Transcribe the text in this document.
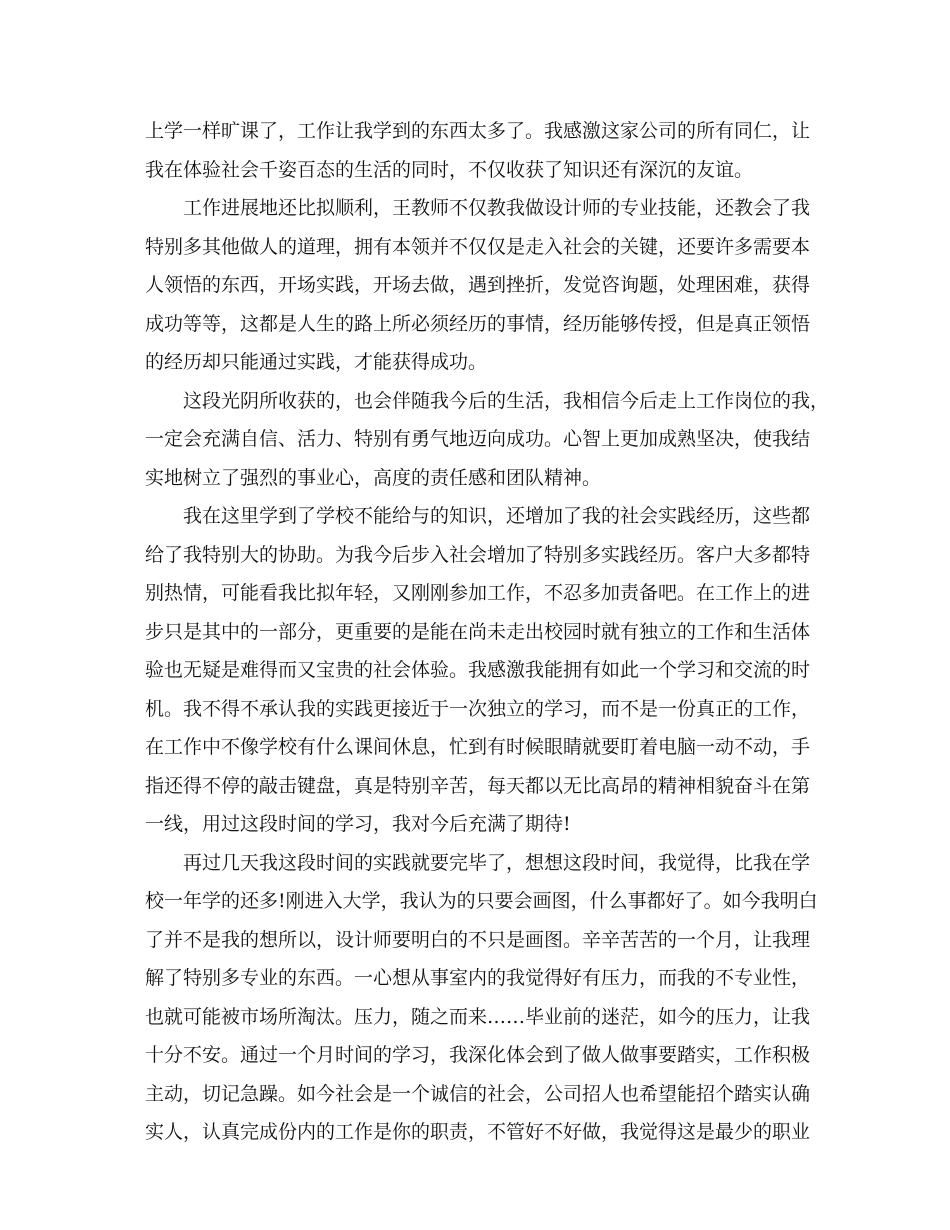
上学一样旷课了，工作让我学到的东西太多了。我感激这家公司的所有同仁，让
我在体验社会千姿百态的生活的同时，不仅收获了知识还有深沉的友谊。
工作进展地还比拟顺利，王教师不仅教我做设计师的专业技能，还教会了我
特别多其他做人的道理，拥有本领并不仅仅是走入社会的关键，还要许多需要本
人领悟的东西，开场实践，开场去做，遇到挫折，发觉咨询题，处理困难，获得
成功等等，这都是人生的路上所必须经历的事情，经历能够传授，但是真正领悟
的经历却只能通过实践，才能获得成功。
这段光阴所收获的，也会伴随我今后的生活，我相信今后走上工作岗位的我，
一定会充满自信、活力、特别有勇气地迈向成功。心智上更加成熟坚决，使我结
实地树立了强烈的事业心，高度的责任感和团队精神。
我在这里学到了学校不能给与的知识，还增加了我的社会实践经历，这些都
给了我特别大的协助。为我今后步入社会增加了特别多实践经历。客户大多都特
别热情，可能看我比拟年轻，又刚刚参加工作，不忍多加责备吧。在工作上的进
步只是其中的一部分，更重要的是能在尚未走出校园时就有独立的工作和生活体
验也无疑是难得而又宝贵的社会体验。我感激我能拥有如此一个学习和交流的时
机。我不得不承认我的实践更接近于一次独立的学习，而不是一份真正的工作，
在工作中不像学校有什么课间休息，忙到有时候眼睛就要盯着电脑一动不动，手
指还得不停的敲击键盘，真是特别辛苦，每天都以无比高昂的精神相貌奋斗在第
一线，用过这段时间的学习，我对今后充满了期待!
再过几天我这段时间的实践就要完毕了，想想这段时间，我觉得，比我在学
校一年学的还多!刚进入大学，我认为的只要会画图，什么事都好了。如今我明白
了并不是我的想所以，设计师要明白的不只是画图。辛辛苦苦的一个月，让我理
解了特别多专业的东西。一心想从事室内的我觉得好有压力，而我的不专业性，
也就可能被市场所淘汰。压力，随之而来……毕业前的迷茫，如今的压力，让我
十分不安。通过一个月时间的学习，我深化体会到了做人做事要踏实，工作积极
主动，切记急躁。如今社会是一个诚信的社会，公司招人也希望能招个踏实认确
实人，认真完成份内的工作是你的职责，不管好不好做，我觉得这是最少的职业
